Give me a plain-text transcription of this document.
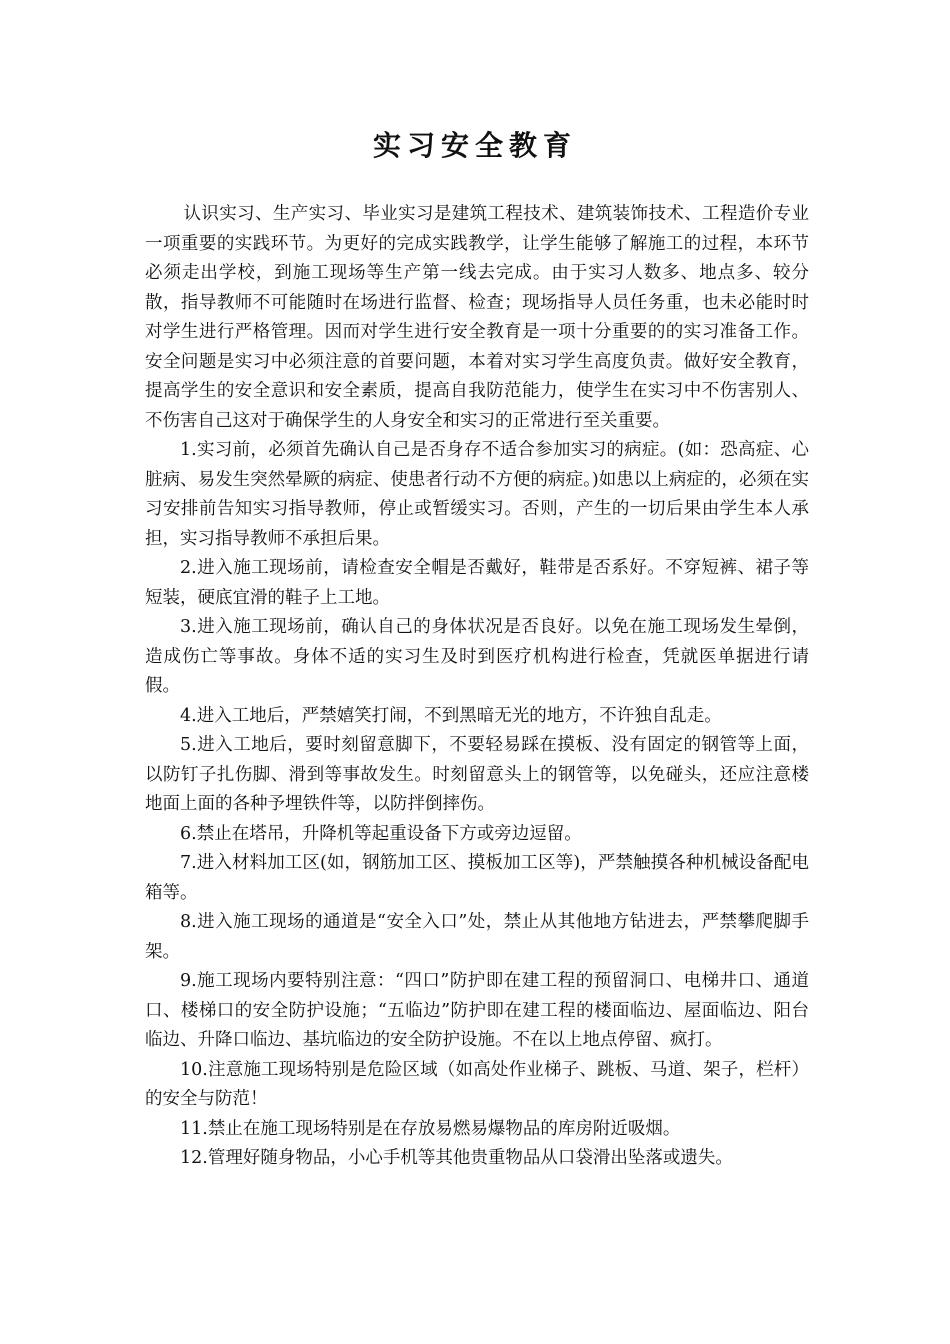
实习安全教育

认识实习、生产实习、毕业实习是建筑工程技术、建筑装饰技术、工程造价专业一项重要的实践环节。为更好的完成实践教学，让学生能够了解施工的过程，本环节必须走出学校，到施工现场等生产第一线去完成。由于实习人数多、地点多、较分散，指导教师不可能随时在场进行监督、检查；现场指导人员任务重，也未必能时时对学生进行严格管理。因而对学生进行安全教育是一项十分重要的的实习准备工作。安全问题是实习中必须注意的首要问题，本着对实习学生高度负责。做好安全教育，提高学生的安全意识和安全素质，提高自我防范能力，使学生在实习中不伤害别人、不伤害自己这对于确保学生的人身安全和实习的正常进行至关重要。

1.实习前，必须首先确认自己是否身存不适合参加实习的病症。(如：恐高症、心脏病、易发生突然晕厥的病症、使患者行动不方便的病症。)如患以上病症的，必须在实习安排前告知实习指导教师，停止或暂缓实习。否则，产生的一切后果由学生本人承担，实习指导教师不承担后果。

2.进入施工现场前，请检查安全帽是否戴好，鞋带是否系好。不穿短裤、裙子等短装，硬底宜滑的鞋子上工地。

3.进入施工现场前，确认自己的身体状况是否良好。以免在施工现场发生晕倒，造成伤亡等事故。身体不适的实习生及时到医疗机构进行检查，凭就医单据进行请假。

4.进入工地后，严禁嬉笑打闹，不到黑暗无光的地方，不许独自乱走。

5.进入工地后，要时刻留意脚下，不要轻易踩在摸板、没有固定的钢管等上面，以防钉子扎伤脚、滑到等事故发生。时刻留意头上的钢管等，以免碰头，还应注意楼地面上面的各种予埋铁件等，以防拌倒摔伤。

6.禁止在塔吊，升降机等起重设备下方或旁边逗留。

7.进入材料加工区(如，钢筋加工区、摸板加工区等)，严禁触摸各种机械设备配电箱等。

8.进入施工现场的通道是“安全入口”处，禁止从其他地方钻进去，严禁攀爬脚手架。

9.施工现场内要特别注意：“四口”防护即在建工程的预留洞口、电梯井口、通道口、楼梯口的安全防护设施；“五临边”防护即在建工程的楼面临边、屋面临边、阳台临边、升降口临边、基坑临边的安全防护设施。不在以上地点停留、疯打。

10.注意施工现场特别是危险区域（如高处作业梯子、跳板、马道、架子，栏杆）的安全与防范！

11.禁止在施工现场特别是在存放易燃易爆物品的库房附近吸烟。

12.管理好随身物品，小心手机等其他贵重物品从口袋滑出坠落或遗失。
